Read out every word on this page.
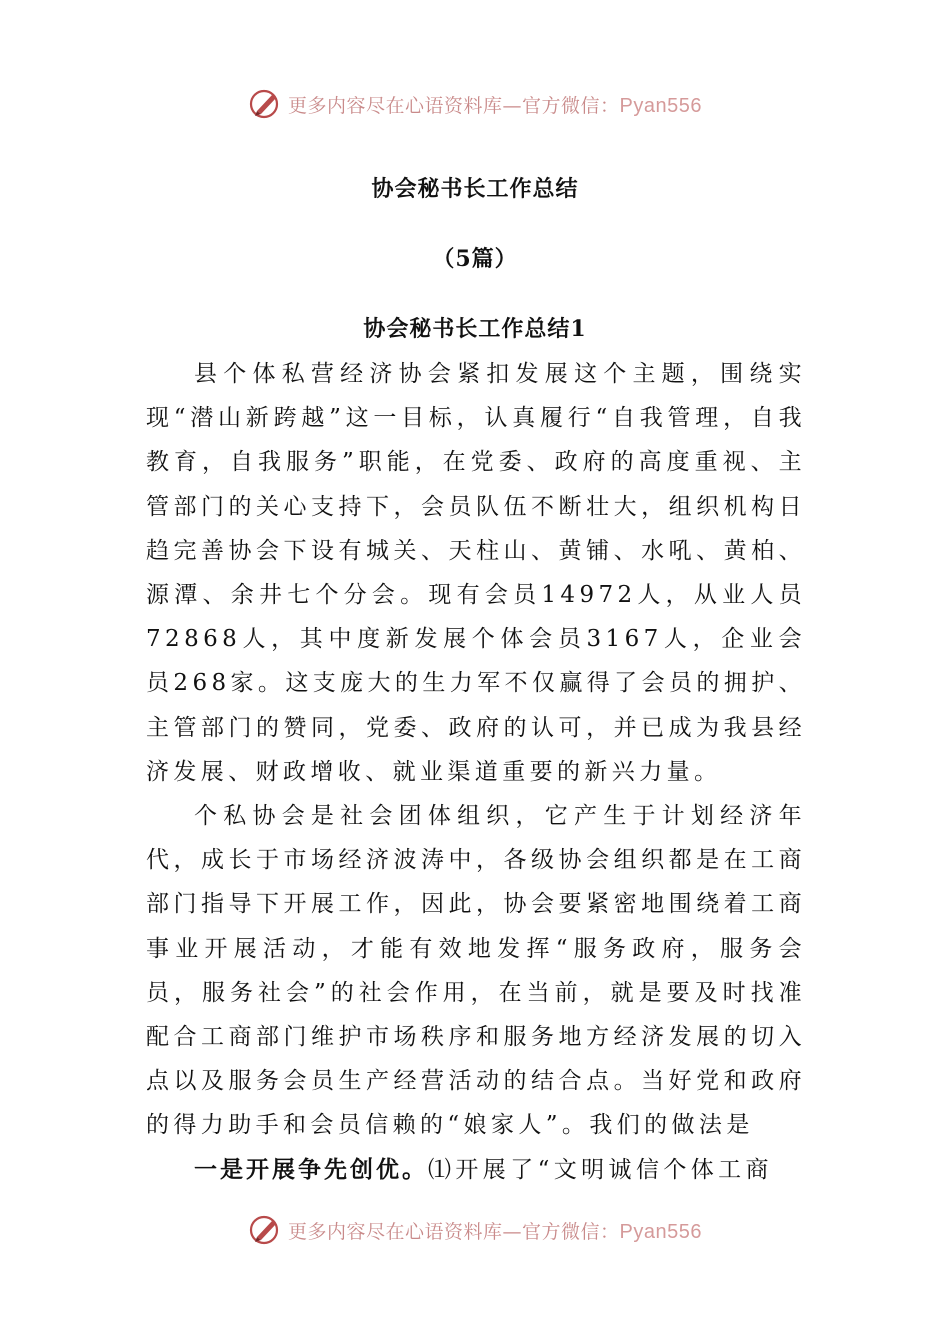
更多内容尽在心语资料库—官方微信：Pyan556
协会秘书长工作总结
（5篇）
协会秘书长工作总结1

县个体私营经济协会紧扣发展这个主题，围绕实现“潜山新跨越”这一目标，认真履行“自我管理，自我教育，自我服务”职能，在党委、政府的高度重视、主管部门的关心支持下，会员队伍不断壮大，组织机构日趋完善协会下设有城关、天柱山、黄铺、水吼、黄柏、源潭、余井七个分会。现有会员14972人，从业人员72868人，其中度新发展个体会员3167人，企业会员268家。这支庞大的生力军不仅赢得了会员的拥护、主管部门的赞同，党委、政府的认可，并已成为我县经济发展、财政增收、就业渠道重要的新兴力量。

个私协会是社会团体组织，它产生于计划经济年代，成长于市场经济波涛中，各级协会组织都是在工商部门指导下开展工作，因此，协会要紧密地围绕着工商事业开展活动，才能有效地发挥“服务政府，服务会员，服务社会”的社会作用，在当前，就是要及时找准配合工商部门维护市场秩序和服务地方经济发展的切入点以及服务会员生产经营活动的结合点。当好党和政府的得力助手和会员信赖的“娘家人”。我们的做法是

一是开展争先创优。⑴开展了“文明诚信个体工商

更多内容尽在心语资料库—官方微信：Pyan556
